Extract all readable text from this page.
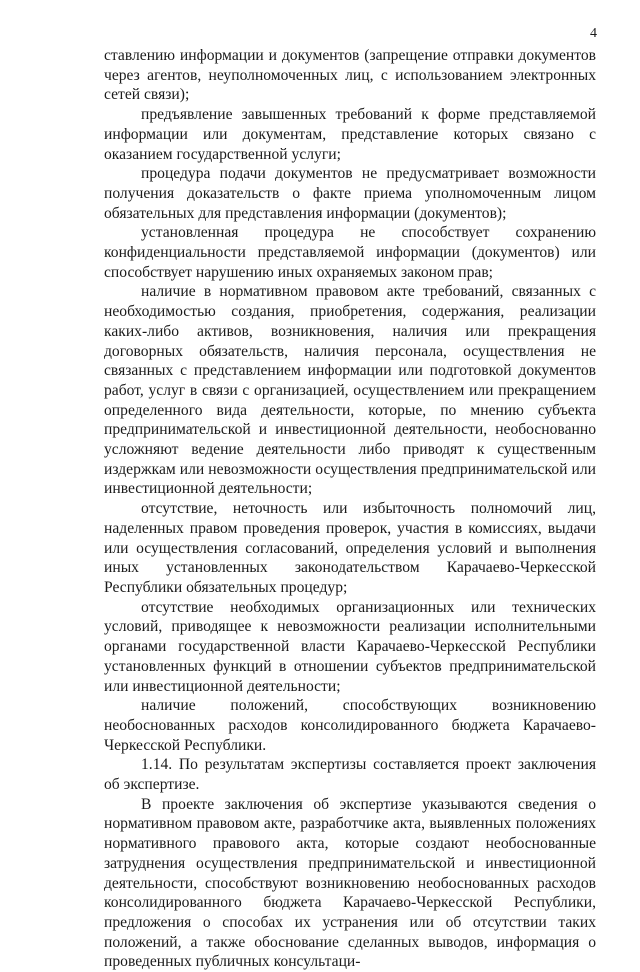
4

ставлению информации и документов (запрещение отправки документов через агентов, неуполномоченных лиц, с использованием электронных сетей связи);

предъявление завышенных требований к форме представляемой информации или документам, представление которых связано с оказанием государственной услуги;

процедура подачи документов не предусматривает возможности получения доказательств о факте приема уполномоченным лицом обязательных для представления информации (документов);

установленная процедура не способствует сохранению конфиденциальности представляемой информации (документов) или способствует нарушению иных охраняемых законом прав;

наличие в нормативном правовом акте требований, связанных с необходимостью создания, приобретения, содержания, реализации каких-либо активов, возникновения, наличия или прекращения договорных обязательств, наличия персонала, осуществления не связанных с представлением информации или подготовкой документов работ, услуг в связи с организацией, осуществлением или прекращением определенного вида деятельности, которые, по мнению субъекта предпринимательской и инвестиционной деятельности, необоснованно усложняют ведение деятельности либо приводят к существенным издержкам или невозможности осуществления предпринимательской или инвестиционной деятельности;

отсутствие, неточность или избыточность полномочий лиц, наделенных правом проведения проверок, участия в комиссиях, выдачи или осуществления согласований, определения условий и выполнения иных установленных законодательством Карачаево-Черкесской Республики обязательных процедур;

отсутствие необходимых организационных или технических условий, приводящее к невозможности реализации исполнительными органами государственной власти Карачаево-Черкесской Республики установленных функций в отношении субъектов предпринимательской или инвестиционной деятельности;

наличие положений, способствующих возникновению необоснованных расходов консолидированного бюджета Карачаево-Черкесской Республики.

1.14. По результатам экспертизы составляется проект заключения об экспертизе.

В проекте заключения об экспертизе указываются сведения о нормативном правовом акте, разработчике акта, выявленных положениях нормативного правового акта, которые создают необоснованные затруднения осуществления предпринимательской и инвестиционной деятельности, способствуют возникновению необоснованных расходов консолидированного бюджета Карачаево-Черкесской Республики, предложения о способах их устранения или об отсутствии таких положений, а также обоснование сделанных выводов, информация о проведенных публичных консультаци-
